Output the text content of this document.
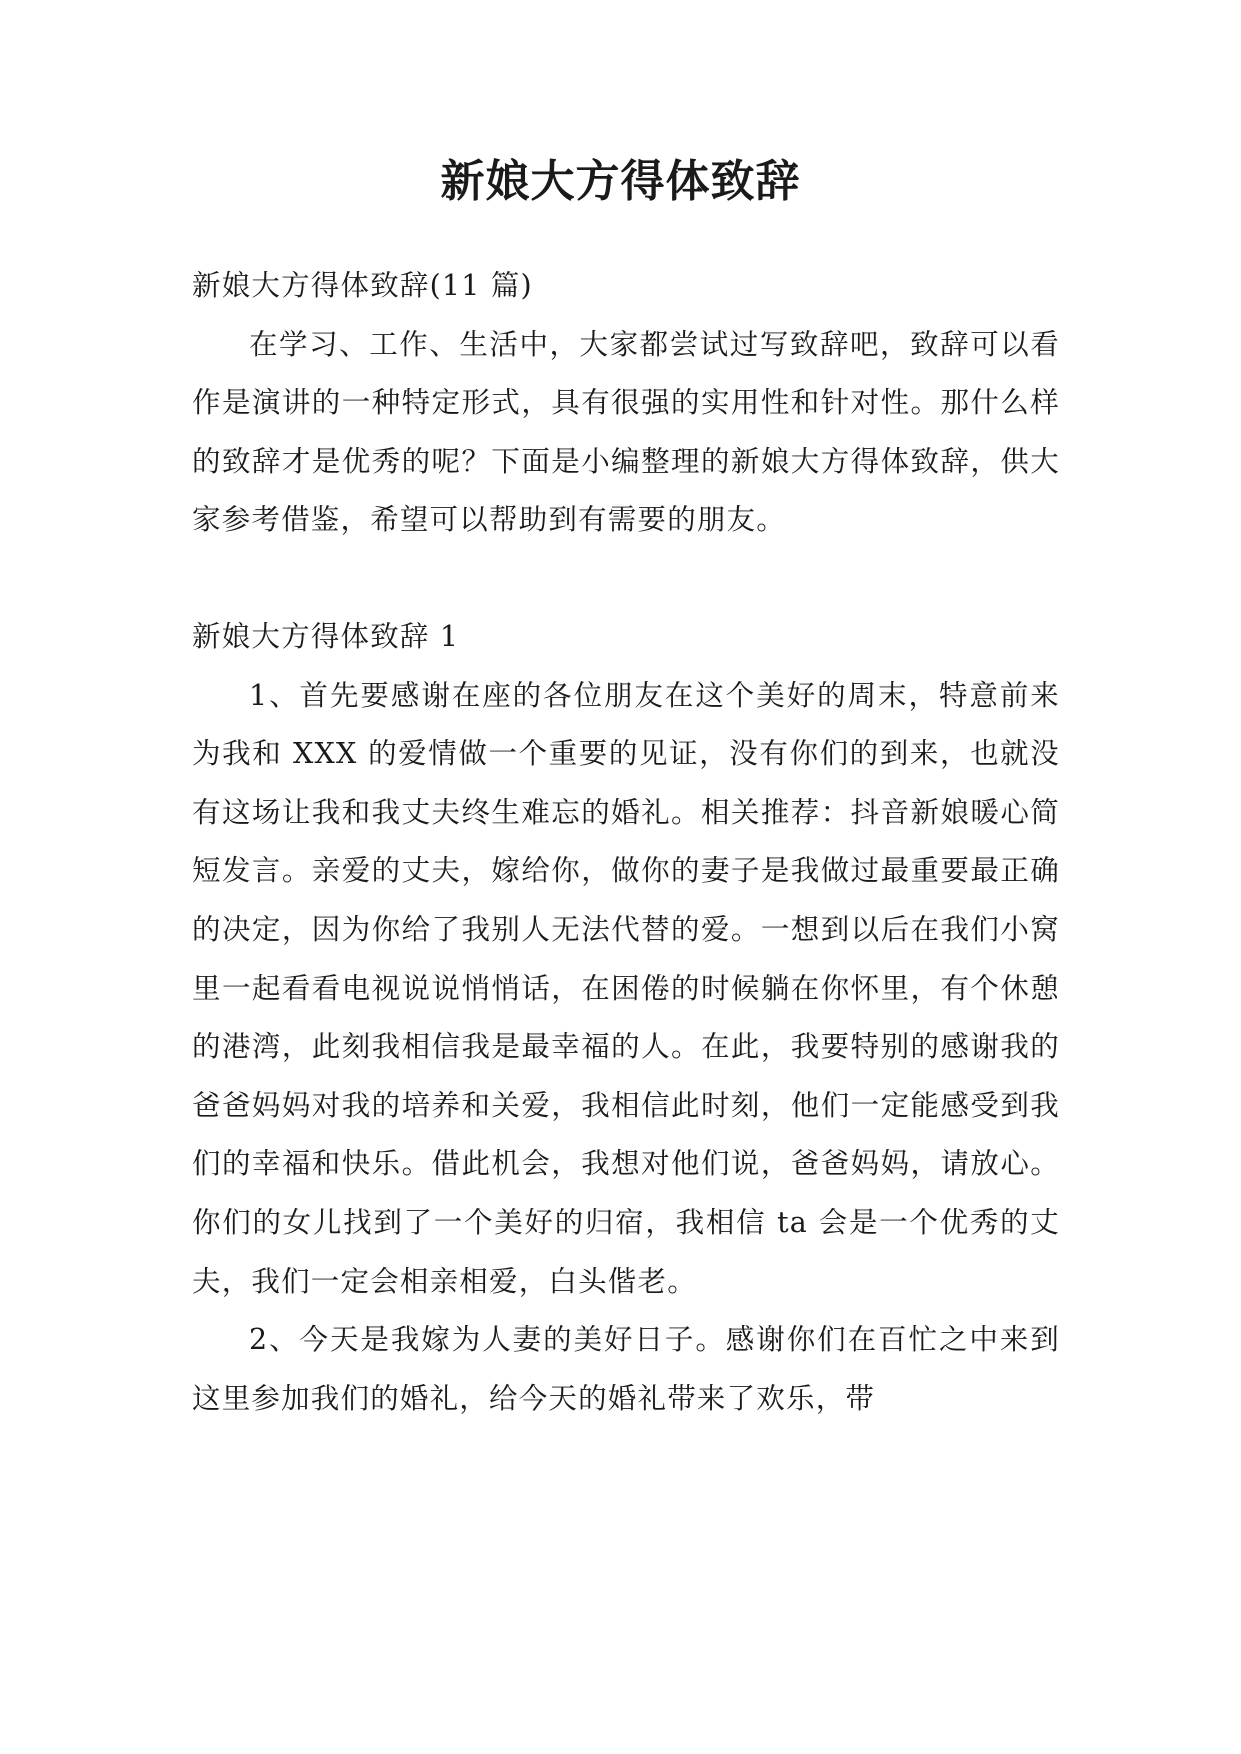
新娘大方得体致辞

新娘大方得体致辞(11 篇)

在学习、工作、生活中，大家都尝试过写致辞吧，致辞可以看作是演讲的一种特定形式，具有很强的实用性和针对性。那什么样的致辞才是优秀的呢？下面是小编整理的新娘大方得体致辞，供大家参考借鉴，希望可以帮助到有需要的朋友。

新娘大方得体致辞 1

1、首先要感谢在座的各位朋友在这个美好的周末，特意前来为我和 XXX 的爱情做一个重要的见证，没有你们的到来，也就没有这场让我和我丈夫终生难忘的婚礼。相关推荐：抖音新娘暖心简短发言。亲爱的丈夫，嫁给你，做你的妻子是我做过最重要最正确的决定，因为你给了我别人无法代替的爱。一想到以后在我们小窝里一起看看电视说说悄悄话，在困倦的时候躺在你怀里，有个休憩的港湾，此刻我相信我是最幸福的人。在此，我要特别的感谢我的爸爸妈妈对我的培养和关爱，我相信此时刻，他们一定能感受到我们的幸福和快乐。借此机会，我想对他们说，爸爸妈妈，请放心。你们的女儿找到了一个美好的归宿，我相信 ta 会是一个优秀的丈夫，我们一定会相亲相爱，白头偕老。

2、今天是我嫁为人妻的美好日子。感谢你们在百忙之中来到这里参加我们的婚礼，给今天的婚礼带来了欢乐，带
